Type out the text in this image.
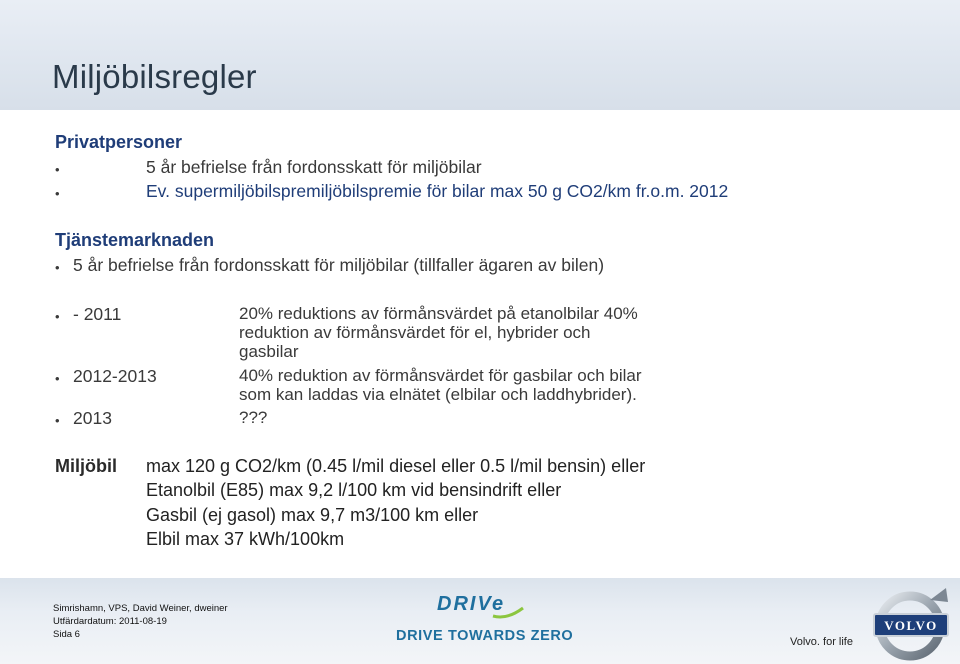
Miljöbilsregler
Privatpersoner
•	5 år befrielse från fordonsskatt för miljöbilar
•	Ev. supermiljöbilspremiljöbilspremie för bilar max 50 g CO2/km fr.o.m. 2012
Tjänstemarknaden
• 5 år befrielse från fordonsskatt för miljöbilar (tillfaller ägaren av bilen)
• - 2011	20% reduktions av förmånsvärdet på etanolbilar 40%
reduktion av förmånsvärdet för el, hybrider och
gasbilar
• 2012-2013	40% reduktion av förmånsvärdet för gasbilar och bilar
som kan laddas via elnätet (elbilar och laddhybrider).
• 2013	???
Miljöbil max 120 g CO2/km (0.45 l/mil diesel eller 0.5 l/mil bensin) eller
Etanolbil (E85) max 9,2 l/100 km vid bensindrift eller
Gasbil (ej gasol) max 9,7 m3/100 km eller
Elbil max 37 kWh/100km
Simrishamn, VPS, David Weiner, dweiner
Utfärdardatum: 2011-08-19
Sida 6
DRIVe
DRIVE TOWARDS ZERO	Volvo. for life
VOLVO
